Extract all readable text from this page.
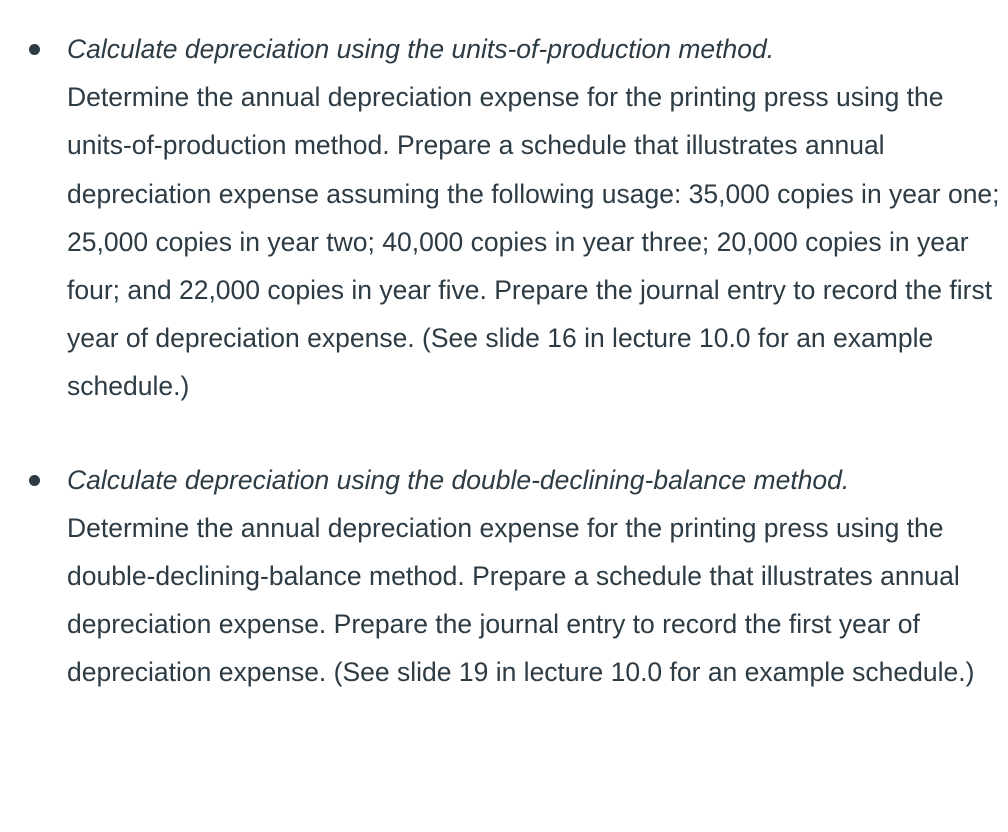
Calculate depreciation using the units-of-production method.
Determine the annual depreciation expense for the printing press using the units-of-production method. Prepare a schedule that illustrates annual depreciation expense assuming the following usage: 35,000 copies in year one; 25,000 copies in year two; 40,000 copies in year three; 20,000 copies in year four; and 22,000 copies in year five. Prepare the journal entry to record the first year of depreciation expense. (See slide 16 in lecture 10.0 for an example schedule.)
Calculate depreciation using the double-declining-balance method.
Determine the annual depreciation expense for the printing press using the double-declining-balance method. Prepare a schedule that illustrates annual depreciation expense. Prepare the journal entry to record the first year of depreciation expense. (See slide 19 in lecture 10.0 for an example schedule.)
